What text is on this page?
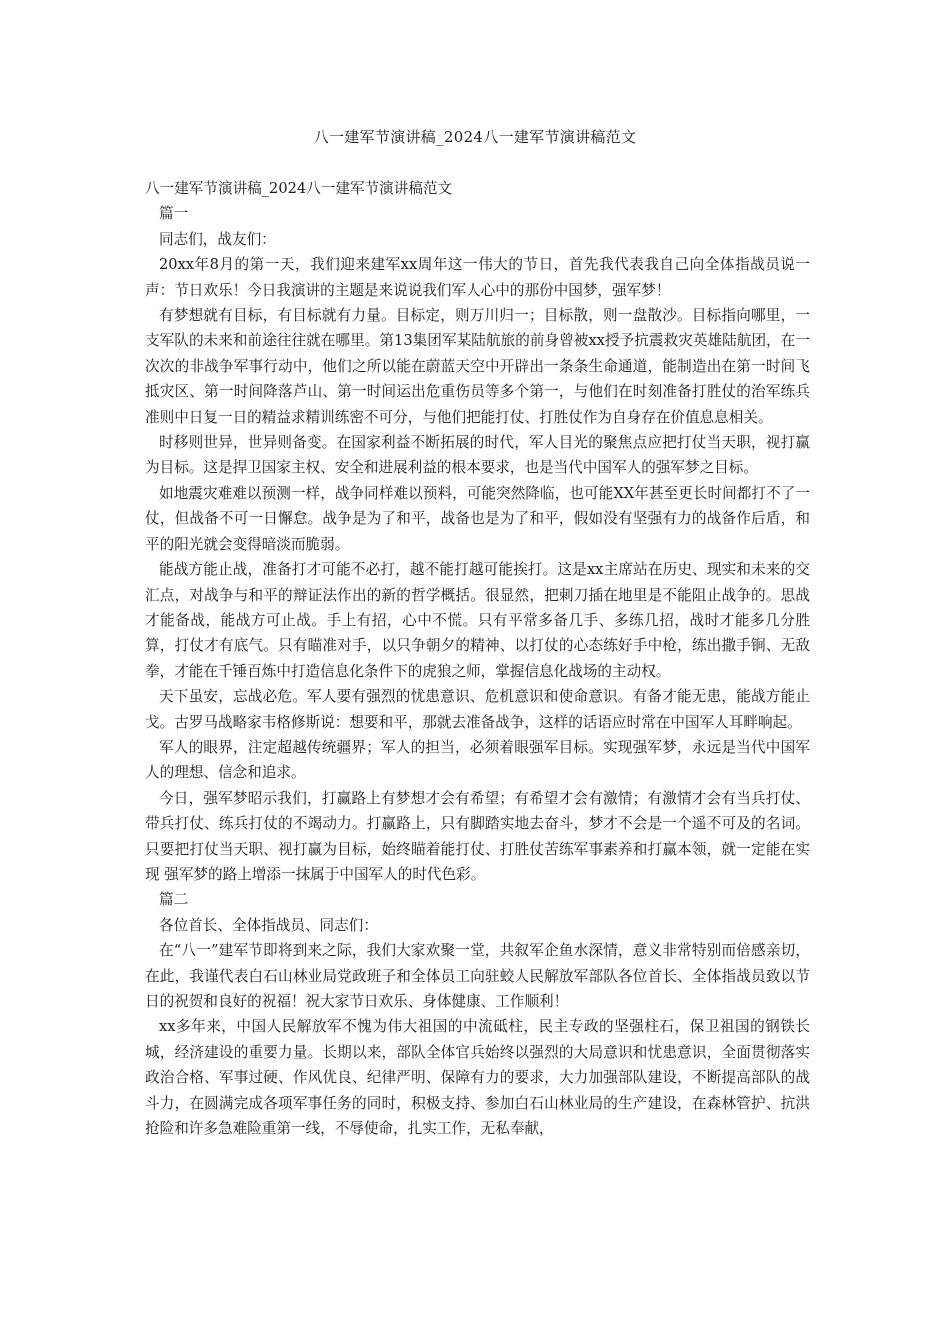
八一建军节演讲稿_2024八一建军节演讲稿范文

八一建军节演讲稿_2024八一建军节演讲稿范文

篇一

同志们，战友们：

20xx年8月的第一天，我们迎来建军xx周年这一伟大的节日，首先我代表我自己向全体指战员说一声：节日欢乐！今日我演讲的主题是来说说我们军人心中的那份中国梦，强军梦！

有梦想就有目标，有目标就有力量。目标定，则万川归一；目标散，则一盘散沙。目标指向哪里，一支军队的未来和前途往往就在哪里。第13集团军某陆航旅的前身曾被xx授予抗震救灾英雄陆航团，在一次次的非战争军事行动中，他们之所以能在蔚蓝天空中开辟出一条条生命通道，能制造出在第一时间飞抵灾区、第一时间降落芦山、第一时间运出危重伤员等多个第一，与他们在时刻准备打胜仗的治军练兵准则中日复一日的精益求精训练密不可分，与他们把能打仗、打胜仗作为自身存在价值息息相关。

时移则世异，世异则备变。在国家利益不断拓展的时代，军人目光的聚焦点应把打仗当天职，视打赢为目标。这是捍卫国家主权、安全和进展利益的根本要求，也是当代中国军人的强军梦之目标。

如地震灾难难以预测一样，战争同样难以预料，可能突然降临，也可能XX年甚至更长时间都打不了一仗，但战备不可一日懈怠。战争是为了和平，战备也是为了和平，假如没有坚强有力的战备作后盾，和平的阳光就会变得暗淡而脆弱。

能战方能止战，准备打才可能不必打，越不能打越可能挨打。这是xx主席站在历史、现实和未来的交汇点，对战争与和平的辩证法作出的新的哲学概括。很显然，把刺刀插在地里是不能阻止战争的。思战才能备战，能战方可止战。手上有招，心中不慌。只有平常多备几手、多练几招，战时才能多几分胜算，打仗才有底气。只有瞄准对手，以只争朝夕的精神、以打仗的心态练好手中枪，练出撒手锏、无敌拳，才能在千锤百炼中打造信息化条件下的虎狼之师，掌握信息化战场的主动权。

天下虽安，忘战必危。军人要有强烈的忧患意识、危机意识和使命意识。有备才能无患，能战方能止戈。古罗马战略家韦格修斯说：想要和平，那就去准备战争，这样的话语应时常在中国军人耳畔响起。

军人的眼界，注定超越传统疆界；军人的担当，必须着眼强军目标。实现强军梦，永远是当代中国军人的理想、信念和追求。

今日，强军梦昭示我们，打赢路上有梦想才会有希望；有希望才会有激情；有激情才会有当兵打仗、带兵打仗、练兵打仗的不竭动力。打赢路上，只有脚踏实地去奋斗，梦才不会是一个遥不可及的名词。只要把打仗当天职、视打赢为目标，始终瞄着能打仗、打胜仗苦练军事素养和打赢本领，就一定能在实现 强军梦的路上增添一抹属于中国军人的时代色彩。

篇二

各位首长、全体指战员、同志们：

在“八一”建军节即将到来之际，我们大家欢聚一堂，共叙军企鱼水深情，意义非常特别而倍感亲切，在此，我谨代表白石山林业局党政班子和全体员工向驻蛟人民解放军部队各位首长、全体指战员致以节日的祝贺和良好的祝福！祝大家节日欢乐、身体健康、工作顺利！

xx多年来，中国人民解放军不愧为伟大祖国的中流砥柱，民主专政的坚强柱石，保卫祖国的钢铁长城，经济建设的重要力量。长期以来，部队全体官兵始终以强烈的大局意识和忧患意识，全面贯彻落实政治合格、军事过硬、作风优良、纪律严明、保障有力的要求，大力加强部队建设，不断提高部队的战斗力，在圆满完成各项军事任务的同时，积极支持、参加白石山林业局的生产建设，在森林管护、抗洪抢险和许多急难险重第一线，不辱使命，扎实工作，无私奉献，
